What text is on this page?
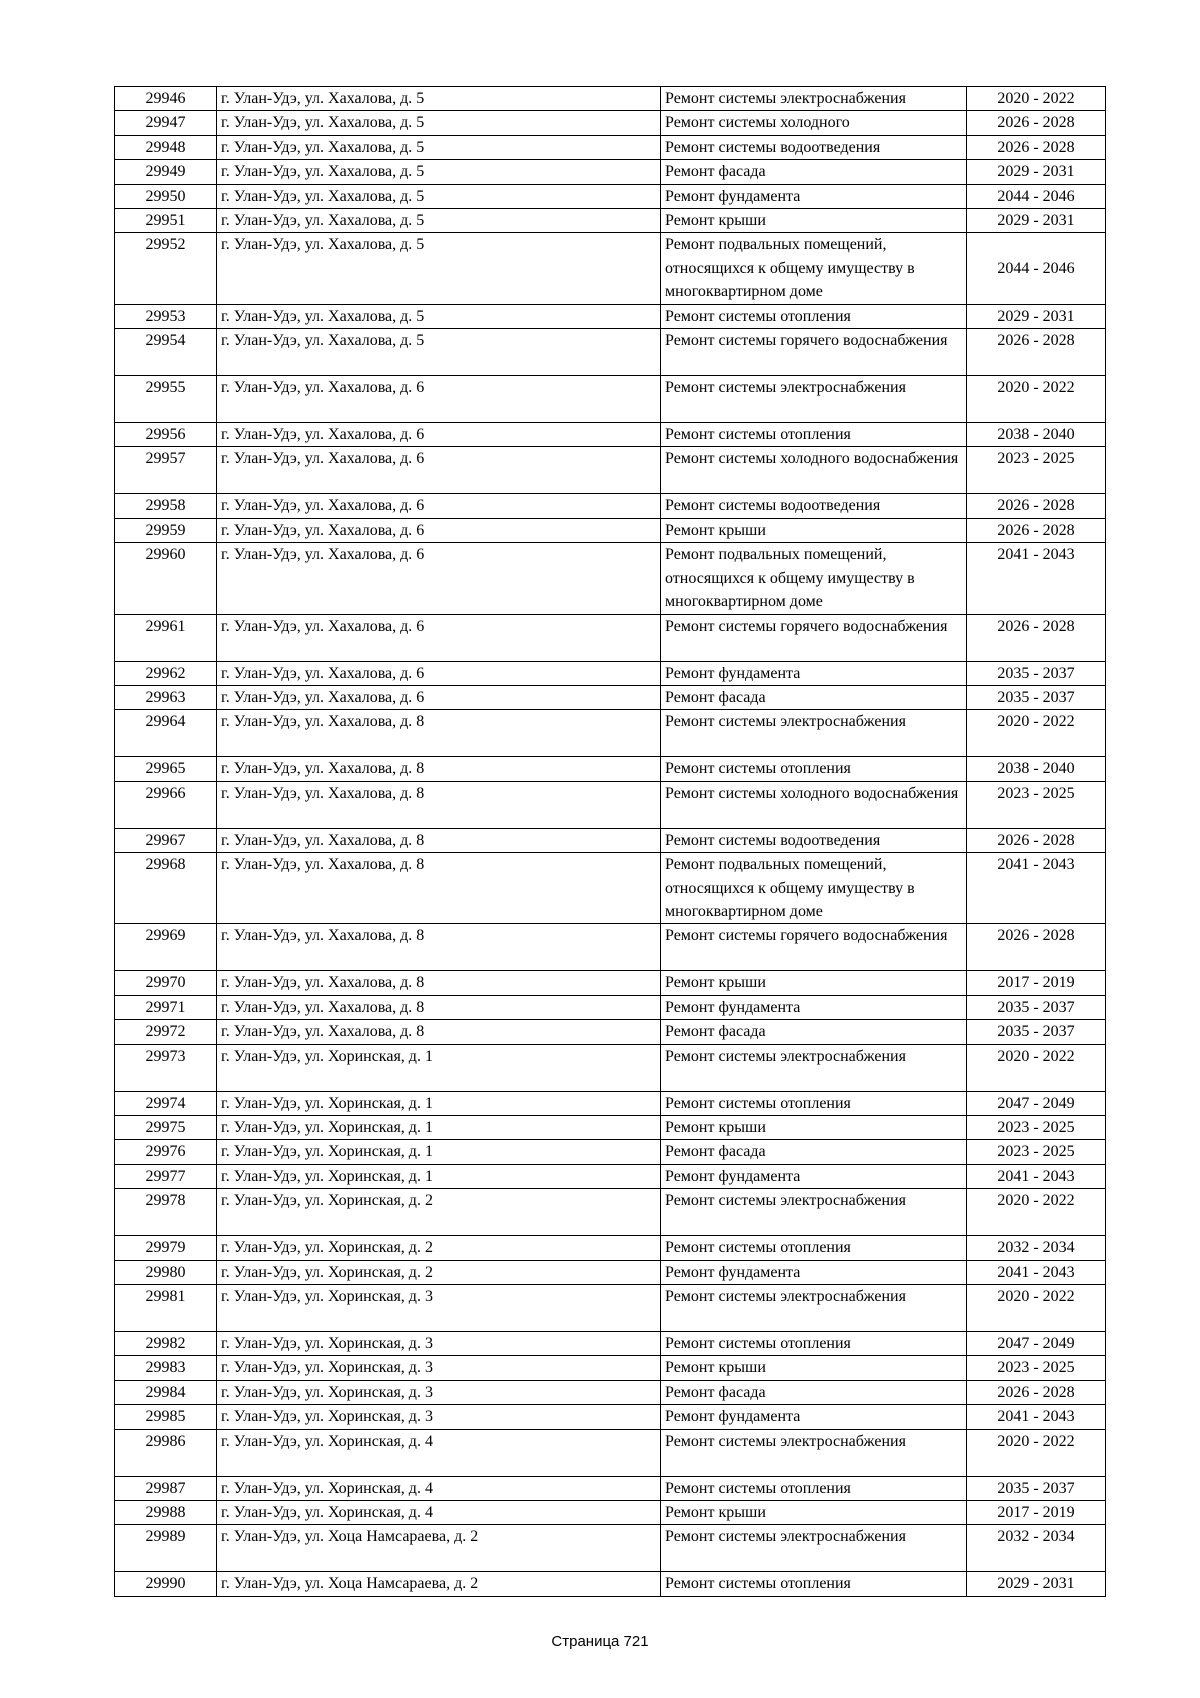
29946	г. Улан-Удэ, ул. Хахалова, д. 5	Ремонт системы электроснабжения	2020 - 2022
29947	г. Улан-Удэ, ул. Хахалова, д. 5	Ремонт системы холодного	2026 - 2028
29948	г. Улан-Удэ, ул. Хахалова, д. 5	Ремонт системы водоотведения	2026 - 2028
29949	г. Улан-Удэ, ул. Хахалова, д. 5	Ремонт фасада	2029 - 2031
29950	г. Улан-Удэ, ул. Хахалова, д. 5	Ремонт фундамента	2044 - 2046
29951	г. Улан-Удэ, ул. Хахалова, д. 5	Ремонт крыши	2029 - 2031
29952	г. Улан-Удэ, ул. Хахалова, д. 5	Ремонт подвальных помещений, относящихся к общему имуществу в многоквартирном доме	2044 - 2046
29953	г. Улан-Удэ, ул. Хахалова, д. 5	Ремонт системы отопления	2029 - 2031
29954	г. Улан-Удэ, ул. Хахалова, д. 5	Ремонт системы горячего водоснабжения	2026 - 2028
29955	г. Улан-Удэ, ул. Хахалова, д. 6	Ремонт системы электроснабжения	2020 - 2022
29956	г. Улан-Удэ, ул. Хахалова, д. 6	Ремонт системы отопления	2038 - 2040
29957	г. Улан-Удэ, ул. Хахалова, д. 6	Ремонт системы холодного водоснабжения	2023 - 2025
29958	г. Улан-Удэ, ул. Хахалова, д. 6	Ремонт системы водоотведения	2026 - 2028
29959	г. Улан-Удэ, ул. Хахалова, д. 6	Ремонт крыши	2026 - 2028
29960	г. Улан-Удэ, ул. Хахалова, д. 6	Ремонт подвальных помещений, относящихся к общему имуществу в многоквартирном доме	2041 - 2043
29961	г. Улан-Удэ, ул. Хахалова, д. 6	Ремонт системы горячего водоснабжения	2026 - 2028
29962	г. Улан-Удэ, ул. Хахалова, д. 6	Ремонт фундамента	2035 - 2037
29963	г. Улан-Удэ, ул. Хахалова, д. 6	Ремонт фасада	2035 - 2037
29964	г. Улан-Удэ, ул. Хахалова, д. 8	Ремонт системы электроснабжения	2020 - 2022
29965	г. Улан-Удэ, ул. Хахалова, д. 8	Ремонт системы отопления	2038 - 2040
29966	г. Улан-Удэ, ул. Хахалова, д. 8	Ремонт системы холодного водоснабжения	2023 - 2025
29967	г. Улан-Удэ, ул. Хахалова, д. 8	Ремонт системы водоотведения	2026 - 2028
29968	г. Улан-Удэ, ул. Хахалова, д. 8	Ремонт подвальных помещений, относящихся к общему имуществу в многоквартирном доме	2041 - 2043
29969	г. Улан-Удэ, ул. Хахалова, д. 8	Ремонт системы горячего водоснабжения	2026 - 2028
29970	г. Улан-Удэ, ул. Хахалова, д. 8	Ремонт крыши	2017 - 2019
29971	г. Улан-Удэ, ул. Хахалова, д. 8	Ремонт фундамента	2035 - 2037
29972	г. Улан-Удэ, ул. Хахалова, д. 8	Ремонт фасада	2035 - 2037
29973	г. Улан-Удэ, ул. Хоринская, д. 1	Ремонт системы электроснабжения	2020 - 2022
29974	г. Улан-Удэ, ул. Хоринская, д. 1	Ремонт системы отопления	2047 - 2049
29975	г. Улан-Удэ, ул. Хоринская, д. 1	Ремонт крыши	2023 - 2025
29976	г. Улан-Удэ, ул. Хоринская, д. 1	Ремонт фасада	2023 - 2025
29977	г. Улан-Удэ, ул. Хоринская, д. 1	Ремонт фундамента	2041 - 2043
29978	г. Улан-Удэ, ул. Хоринская, д. 2	Ремонт системы электроснабжения	2020 - 2022
29979	г. Улан-Удэ, ул. Хоринская, д. 2	Ремонт системы отопления	2032 - 2034
29980	г. Улан-Удэ, ул. Хоринская, д. 2	Ремонт фундамента	2041 - 2043
29981	г. Улан-Удэ, ул. Хоринская, д. 3	Ремонт системы электроснабжения	2020 - 2022
29982	г. Улан-Удэ, ул. Хоринская, д. 3	Ремонт системы отопления	2047 - 2049
29983	г. Улан-Удэ, ул. Хоринская, д. 3	Ремонт крыши	2023 - 2025
29984	г. Улан-Удэ, ул. Хоринская, д. 3	Ремонт фасада	2026 - 2028
29985	г. Улан-Удэ, ул. Хоринская, д. 3	Ремонт фундамента	2041 - 2043
29986	г. Улан-Удэ, ул. Хоринская, д. 4	Ремонт системы электроснабжения	2020 - 2022
29987	г. Улан-Удэ, ул. Хоринская, д. 4	Ремонт системы отопления	2035 - 2037
29988	г. Улан-Удэ, ул. Хоринская, д. 4	Ремонт крыши	2017 - 2019
29989	г. Улан-Удэ, ул. Хоца Намсараева, д. 2	Ремонт системы электроснабжения	2032 - 2034
29990	г. Улан-Удэ, ул. Хоца Намсараева, д. 2	Ремонт системы отопления	2029 - 2031
Страница 721
